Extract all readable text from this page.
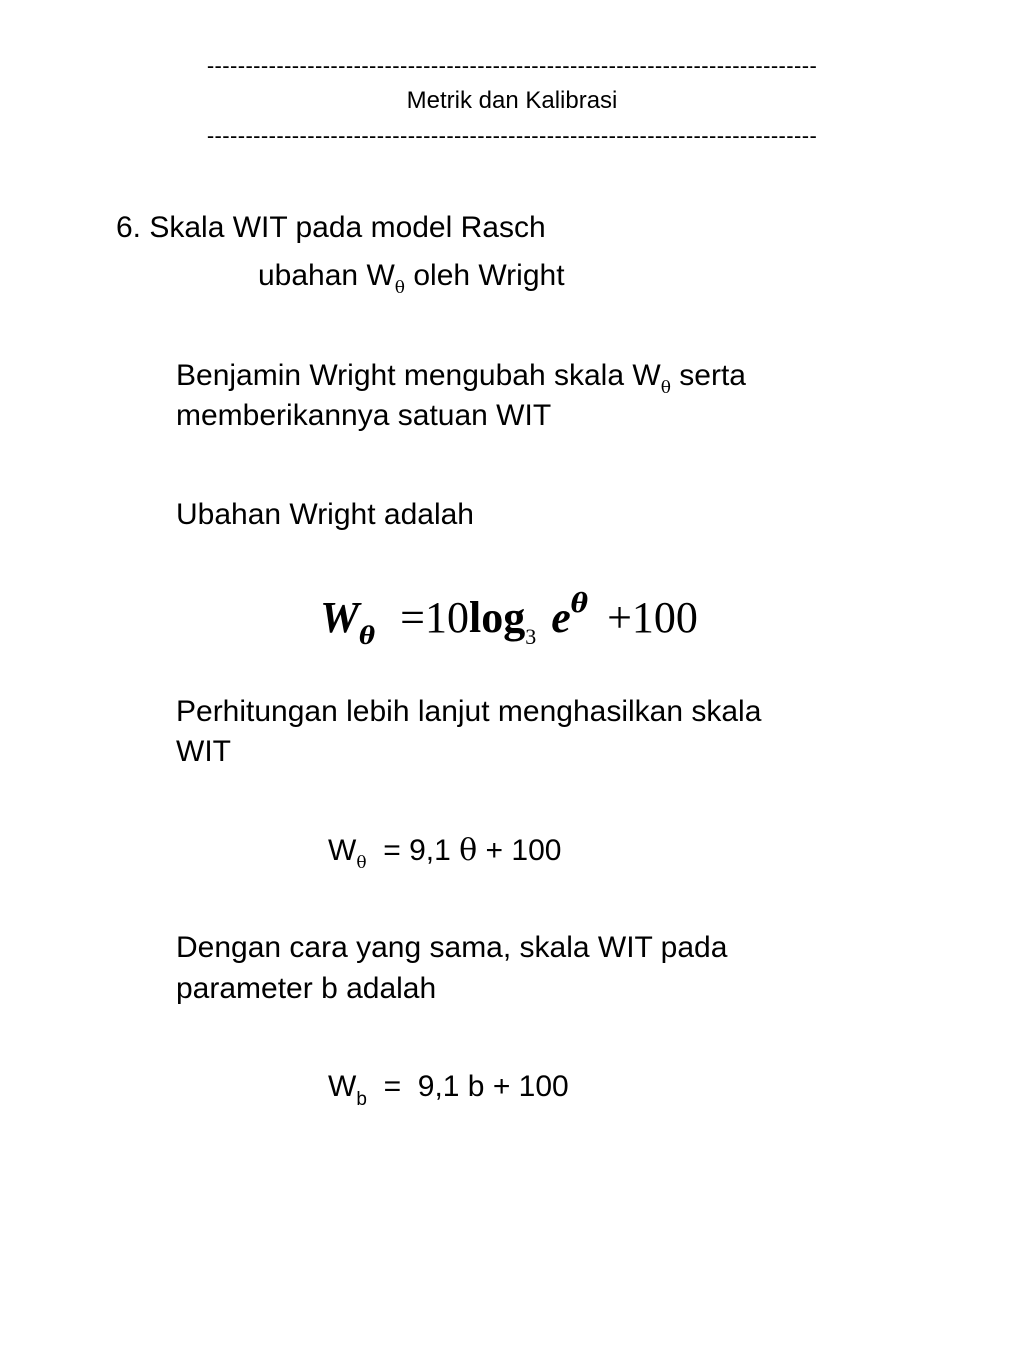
-------------------------------------------------------------------------------

Metrik dan Kalibrasi

-------------------------------------------------------------------------------

6. Skala WIT pada model Rasch

ubahan $W_\theta$ oleh Wright

Benjamin Wright mengubah skala $W_\theta$ serta

memberikannya satuan WIT

Ubahan Wright adalah

$W_\theta =10\log_3$ $e^\theta +100$

Perhitungan lebih lanjut menghasilkan skala

WIT

$W_\theta = 9,1$ θ + 100

Dengan cara yang sama, skala WIT pada

parameter b adalah

$W_b = 9,1$ b + 100
